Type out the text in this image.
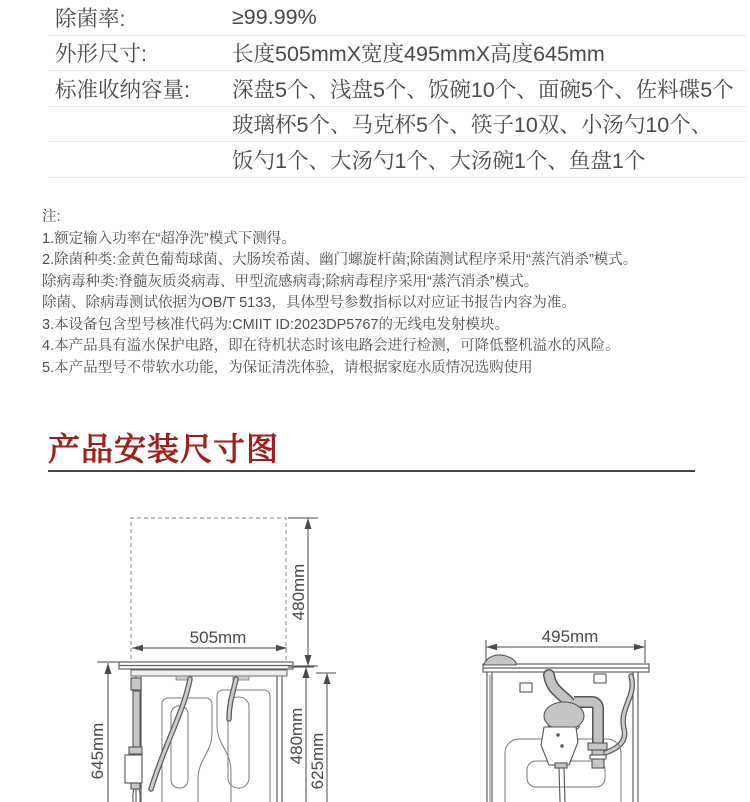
除菌率:	≥99.99%
外形尺寸:	长度505mmX宽度495mmX高度645mm
标准收纳容量:	深盘5个、浅盘5个、饭碗10个、面碗5个、佐料碟5个
玻璃杯5个、马克杯5个、筷子10双、小汤勺10个、
饭勺1个、大汤勺1个、大汤碗1个、鱼盘1个
注:
1.额定输入功率在“超净洗”模式下测得。
2.除菌种类:金黄色葡萄球菌、大肠埃希菌、幽门螺旋杆菌;除菌测试程序采用“蒸汽消杀”模式。
除病毒种类:脊髓灰质炎病毒、甲型流感病毒;除病毒程序采用“蒸汽消杀”模式。
除菌、除病毒测试依据为OB/T 5133，具体型号参数指标以对应证书报告内容为准。
3.本设备包含型号核准代码为:CMIIT ID:2023DP5767的无线电发射模块。
4.本产品具有溢水保护电路，即在待机状态时该电路会进行检测，可降低整机溢水的风险。
5.本产品型号不带软水功能，为保证清洗体验，请根据家庭水质情况选购使用
产品安装尺寸图
480mm
505mm
645mm	480mm 625mm
495mm
